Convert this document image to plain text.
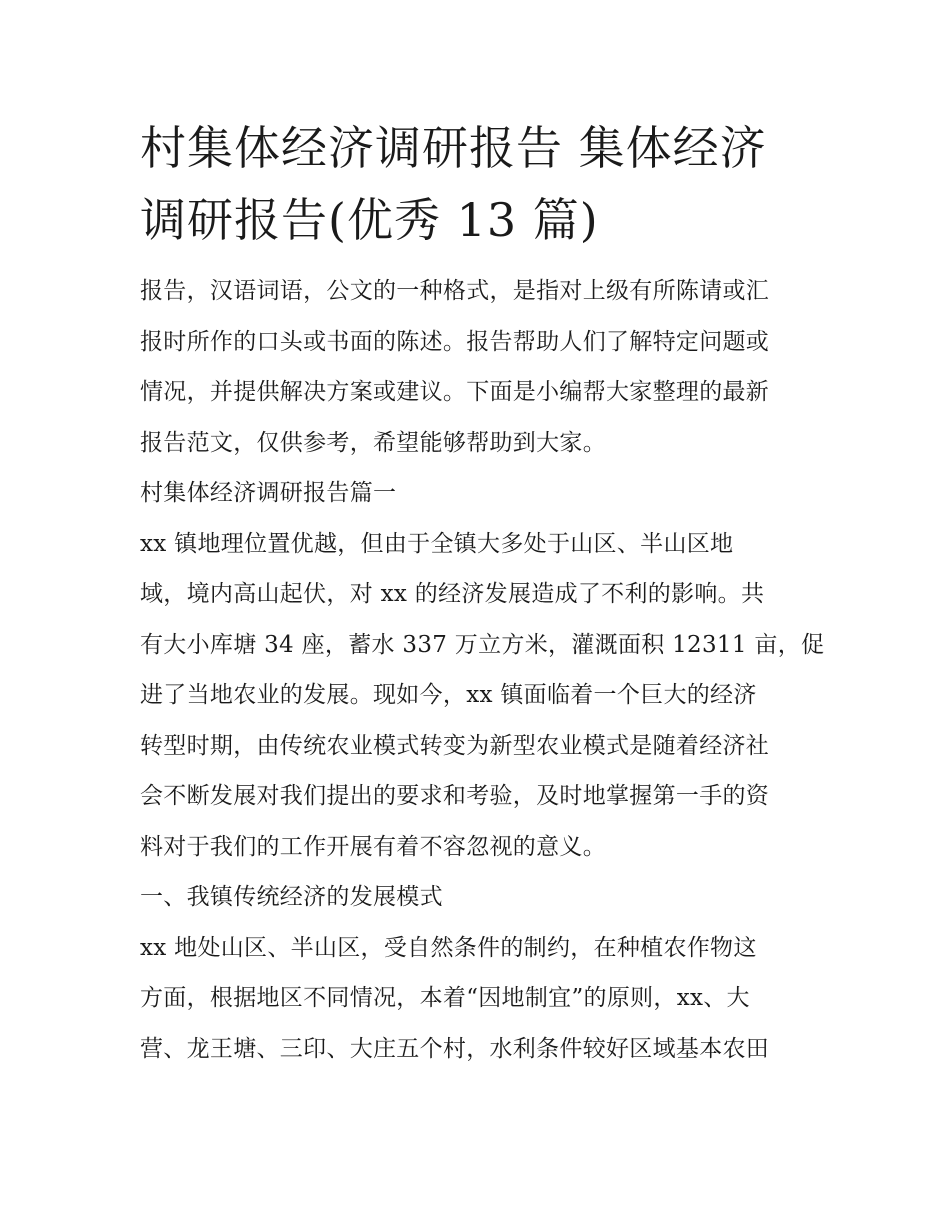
村集体经济调研报告 集体经济
调研报告(优秀 13 篇)

报告，汉语词语，公文的一种格式，是指对上级有所陈请或汇

报时所作的口头或书面的陈述。报告帮助人们了解特定问题或

情况，并提供解决方案或建议。下面是小编帮大家整理的最新

报告范文，仅供参考，希望能够帮助到大家。

村集体经济调研报告篇一

xx 镇地理位置优越，但由于全镇大多处于山区、半山区地

域，境内高山起伏，对 xx 的经济发展造成了不利的影响。共

有大小库塘 34 座，蓄水 337 万立方米，灌溉面积 12311 亩，促

进了当地农业的发展。现如今，xx 镇面临着一个巨大的经济

转型时期，由传统农业模式转变为新型农业模式是随着经济社

会不断发展对我们提出的要求和考验，及时地掌握第一手的资

料对于我们的工作开展有着不容忽视的意义。

一、我镇传统经济的发展模式

xx 地处山区、半山区，受自然条件的制约，在种植农作物这

方面，根据地区不同情况，本着“因地制宜”的原则，xx、大

营、龙王塘、三印、大庄五个村，水利条件较好区域基本农田
